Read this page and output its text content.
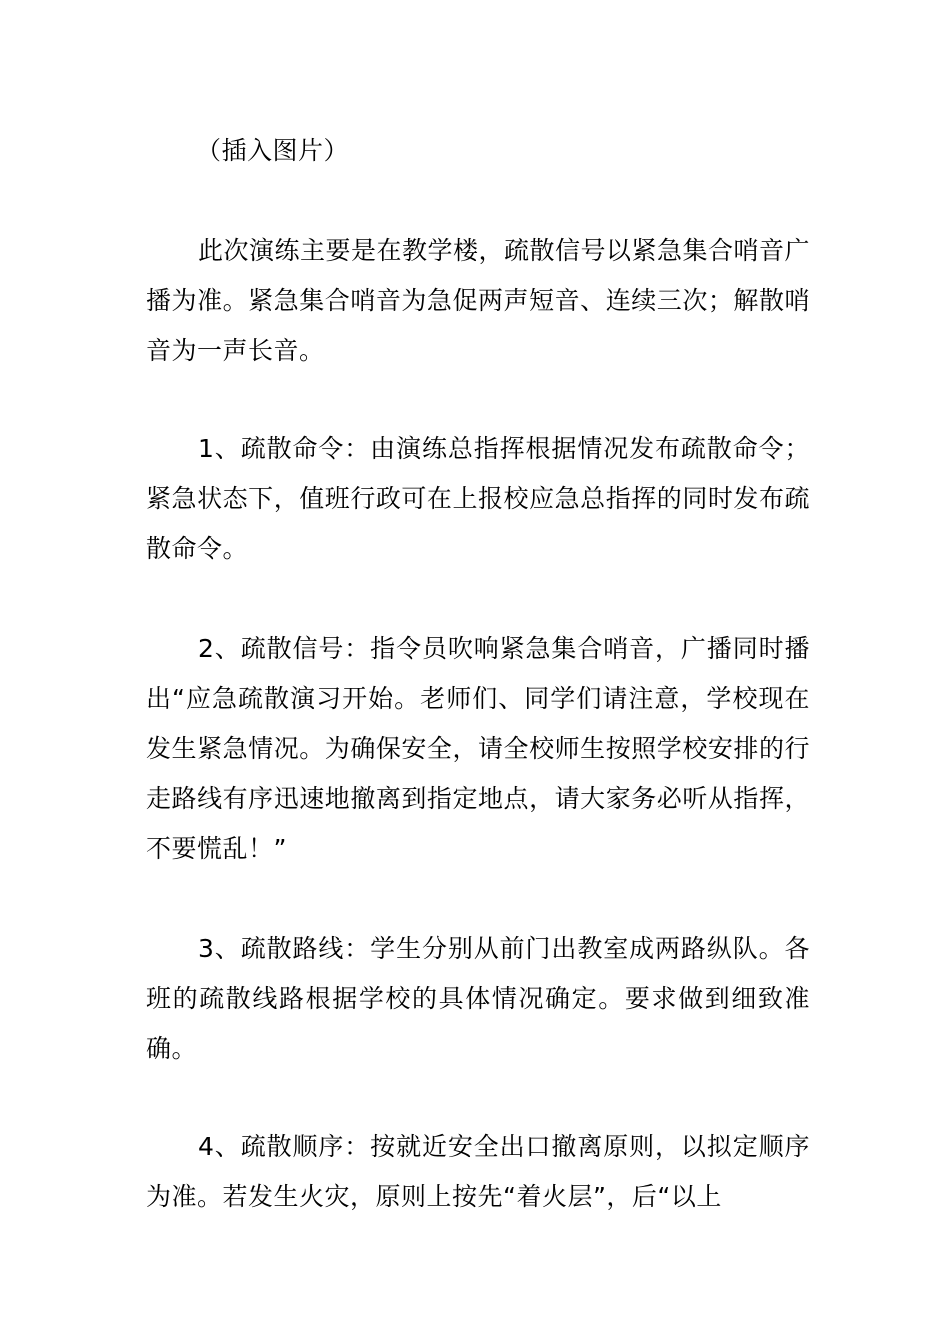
（插入图片）

此次演练主要是在教学楼，疏散信号以紧急集合哨音广播为准。紧急集合哨音为急促两声短音、连续三次；解散哨音为一声长音。

1、疏散命令：由演练总指挥根据情况发布疏散命令；紧急状态下，值班行政可在上报校应急总指挥的同时发布疏散命令。

2、疏散信号：指令员吹响紧急集合哨音，广播同时播出“应急疏散演习开始。老师们、同学们请注意，学校现在发生紧急情况。为确保安全，请全校师生按照学校安排的行走路线有序迅速地撤离到指定地点，请大家务必听从指挥，不要慌乱！”

3、疏散路线：学生分别从前门出教室成两路纵队。各班的疏散线路根据学校的具体情况确定。要求做到细致准确。

4、疏散顺序：按就近安全出口撤离原则，以拟定顺序为准。若发生火灾，原则上按先“着火层”，后“以上
